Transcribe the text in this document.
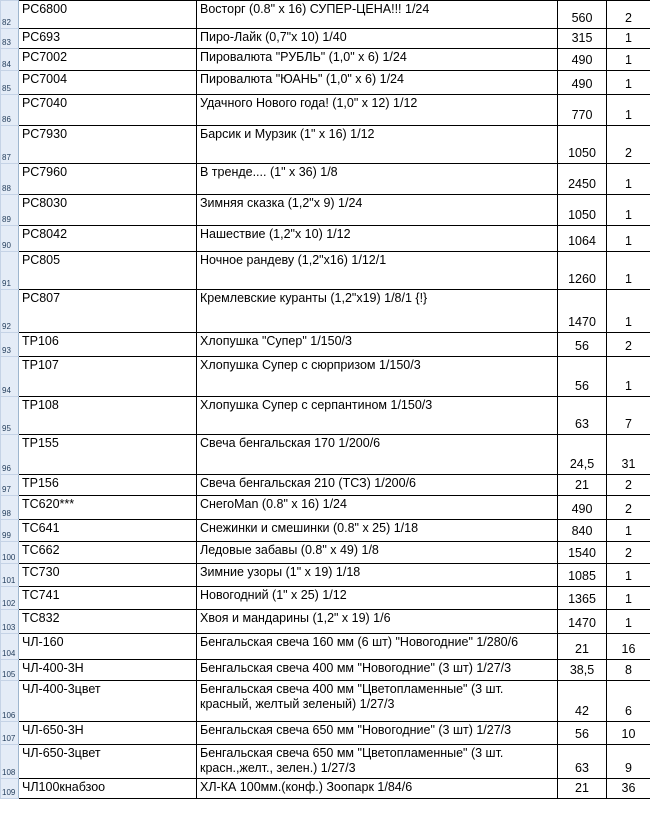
82	РС6800	Восторг (0.8" х 16) СУПЕР-ЦЕНА!!! 1/24	560	2
83	РС693	Пиро-Лайк (0,7"х 10) 1/40	315	1
84	РС7002	Пировалюта "РУБЛЬ" (1,0" х 6) 1/24	490	1
85	РС7004	Пировалюта "ЮАНЬ" (1,0" х 6) 1/24	490	1
86	РС7040	Удачного Нового года! (1,0" х 12) 1/12	770	1
87	РС7930	Барсик и Мурзик (1" х 16) 1/12	1050	2
88	РС7960	В тренде.... (1" х 36) 1/8	2450	1
89	РС8030	Зимняя сказка (1,2"х 9) 1/24	1050	1
90	РС8042	Нашествие (1,2"х 10) 1/12	1064	1
91	РС805	Ночное рандеву (1,2"х16) 1/12/1	1260	1
92	РС807	Кремлевские куранты (1,2"х19) 1/8/1 {!}	1470	1
93	ТР106	Хлопушка "Супер" 1/150/3	56	2
94	ТР107	Хлопушка Супер с сюрпризом 1/150/3	56	1
95	ТР108	Хлопушка Супер с серпантином 1/150/3	63	7
96	ТР155	Свеча бенгальская 170 1/200/6	24,5	31
97	ТР156	Свеча бенгальская 210 (ТСЗ) 1/200/6	21	2
98	ТС620***	СнегоMan (0.8" х 16) 1/24	490	2
99	ТС641	Снежинки и смешинки (0.8" х 25) 1/18	840	1
100	ТС662	Ледовые забавы (0.8" х 49) 1/8	1540	2
101	ТС730	Зимние узоры (1" х 19) 1/18	1085	1
102	ТС741	Новогодний (1" х 25) 1/12	1365	1
103	ТС832	Хвоя и мандарины (1,2" х 19) 1/6	1470	1
104	ЧЛ-160	Бенгальская свеча 160 мм (6 шт) "Новогодние" 1/280/6	21	16
105	ЧЛ-400-3Н	Бенгальская свеча 400 мм "Новогодние" (3 шт) 1/27/3	38,5	8
106	ЧЛ-400-3цвет	Бенгальская свеча 400 мм "Цветопламенные" (3 шт. красный, желтый зеленый) 1/27/3	42	6
107	ЧЛ-650-3Н	Бенгальская свеча 650 мм "Новогодние" (3 шт) 1/27/3	56	10
108	ЧЛ-650-3цвет	Бенгальская свеча 650 мм "Цветопламенные" (3 шт. красн.,желт., зелен.) 1/27/3	63	9
109	ЧЛ100кнабзоо	ХЛ-КА 100мм.(конф.) Зоопарк 1/84/6	21	36
